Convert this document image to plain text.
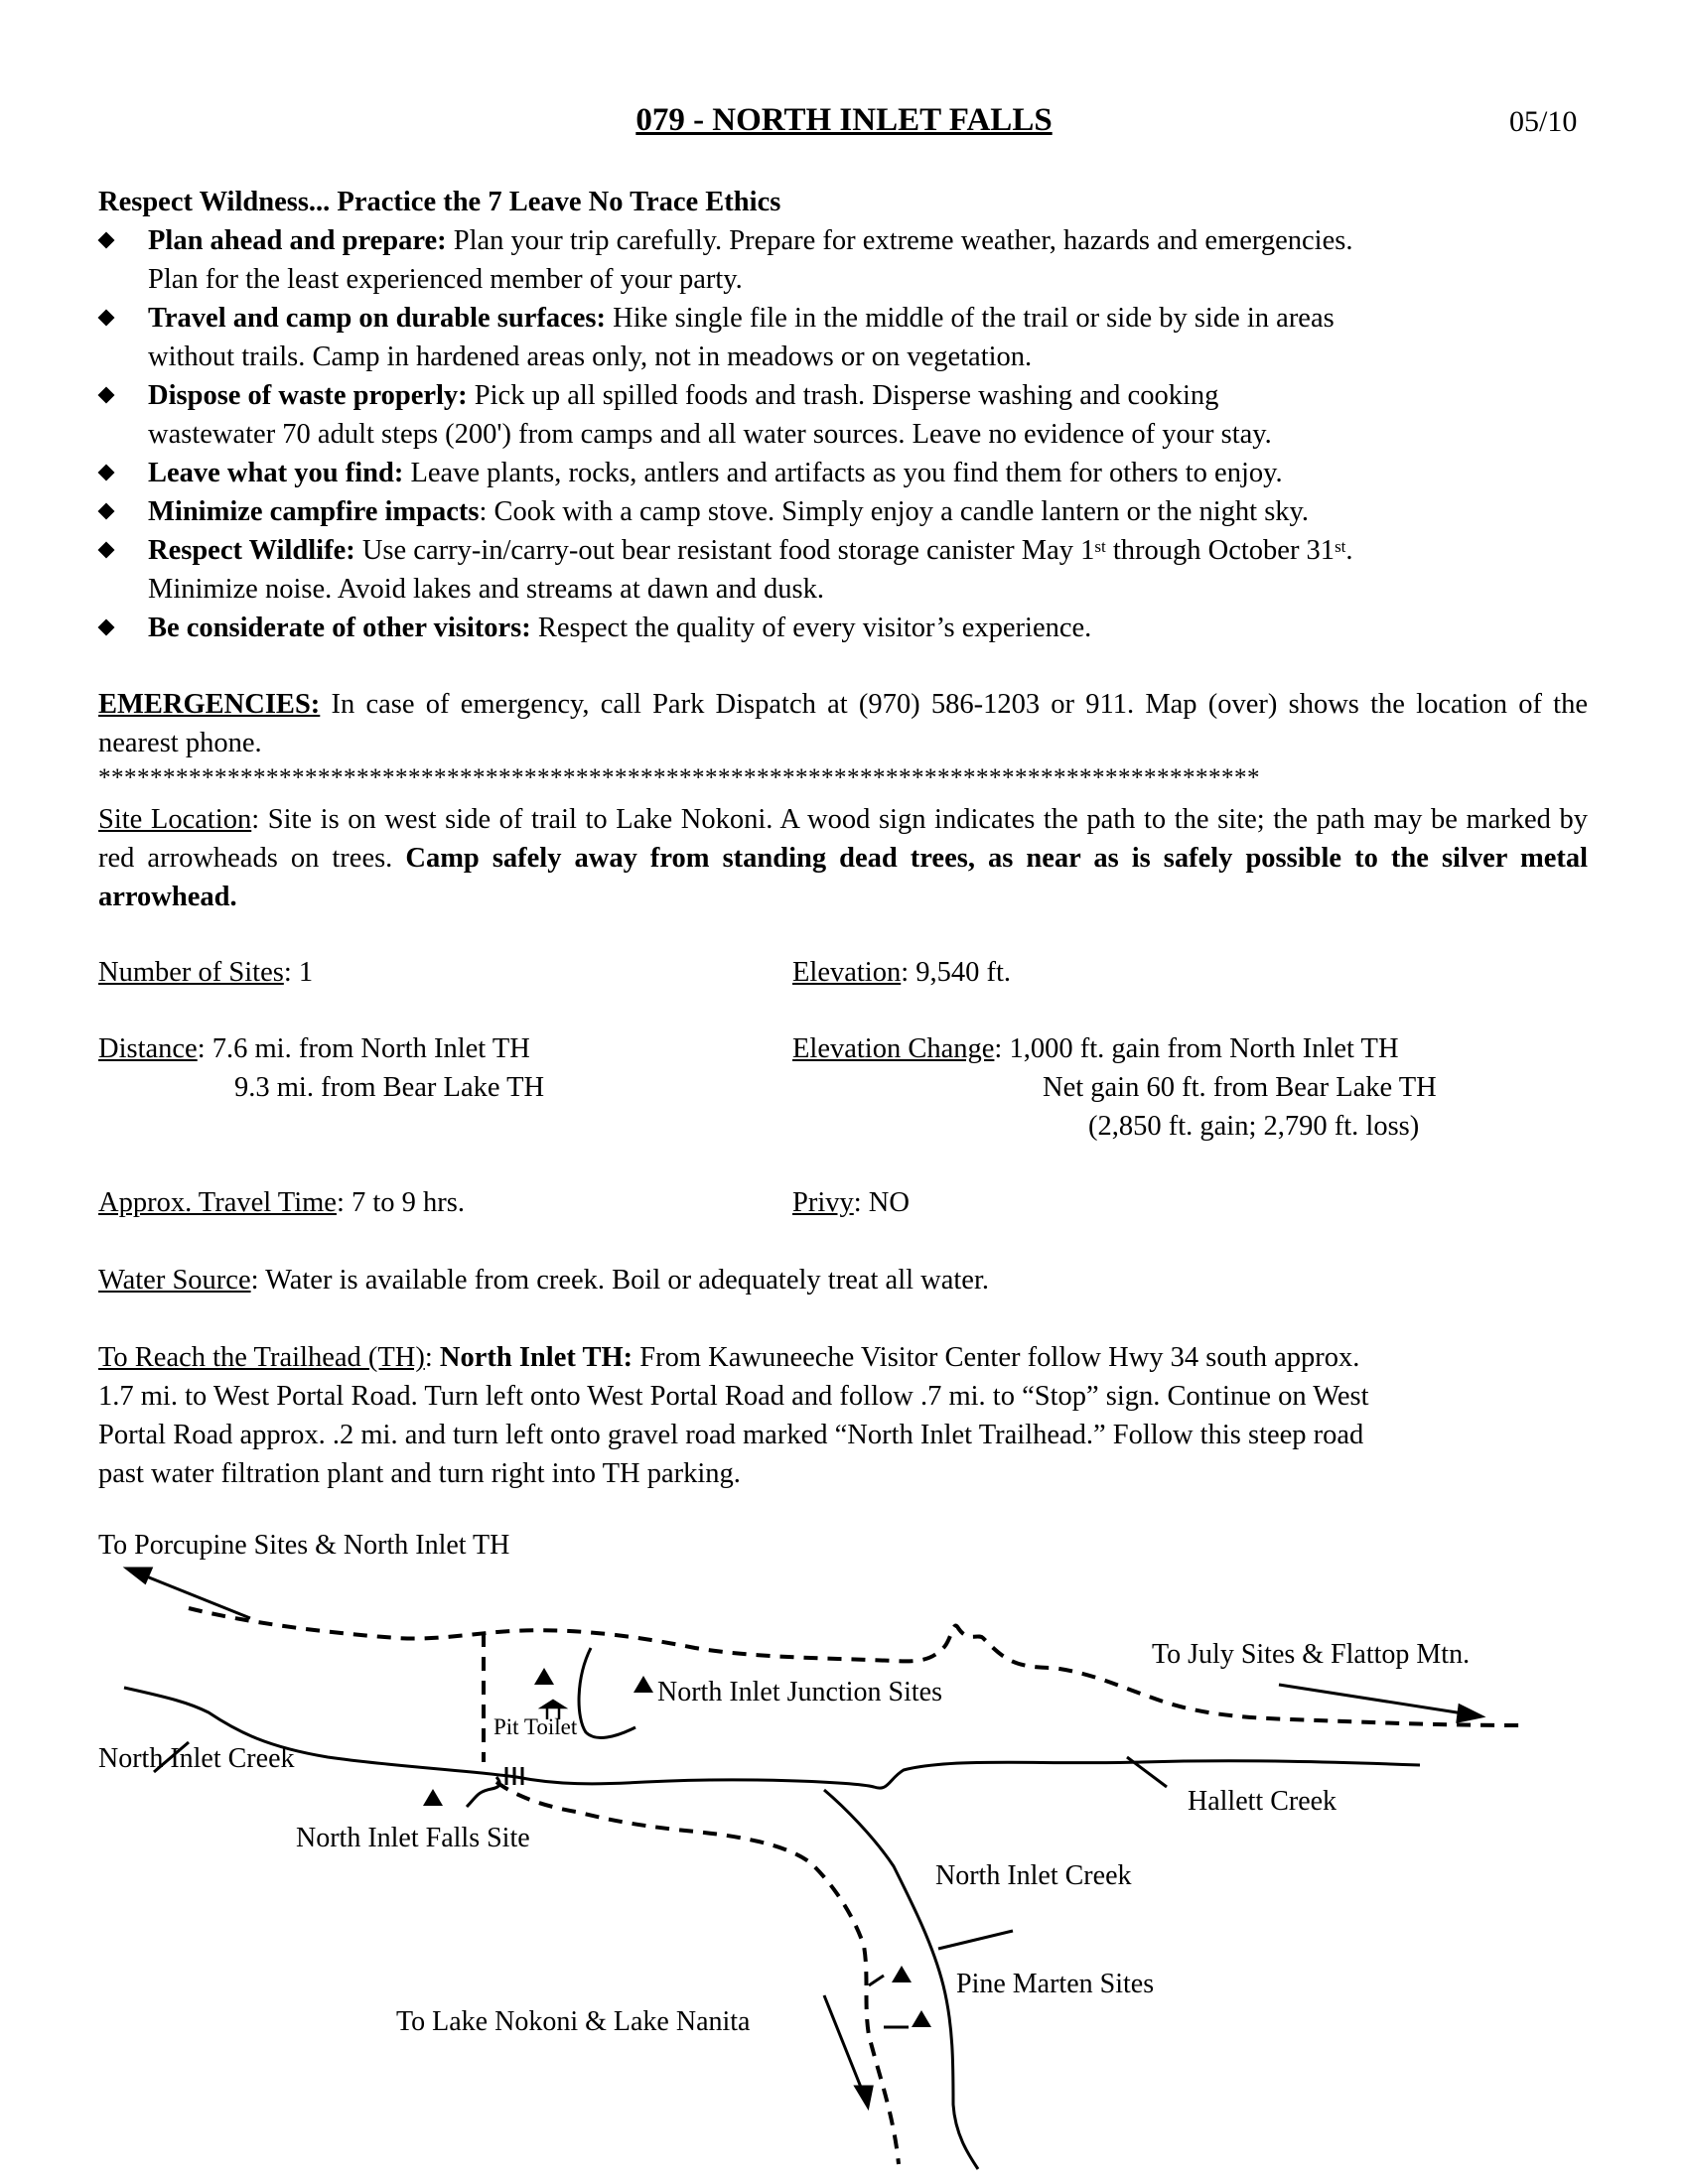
079 - NORTH INLET FALLS	05/10
Respect Wildness... Practice the 7 Leave No Trace Ethics
Plan ahead and prepare: Plan your trip carefully. Prepare for extreme weather, hazards and emergencies.
Plan for the least experienced member of your party.
Travel and camp on durable surfaces: Hike single file in the middle of the trail or side by side in areas
without trails. Camp in hardened areas only, not in meadows or on vegetation.
Dispose of waste properly: Pick up all spilled foods and trash. Disperse washing and cooking
wastewater 70 adult steps (200') from camps and all water sources. Leave no evidence of your stay.
Leave what you find: Leave plants, rocks, antlers and artifacts as you find them for others to enjoy.
Minimize campfire impacts: Cook with a camp stove. Simply enjoy a candle lantern or the night sky.
Respect Wildlife: Use carry-in/carry-out bear resistant food storage canister May 1st through October 31st.
Minimize noise. Avoid lakes and streams at dawn and dusk.
Be considerate of other visitors: Respect the quality of every visitor’s experience.
EMERGENCIES: In case of emergency, call Park Dispatch at (970) 586-1203 or 911. Map (over) shows the location of the nearest phone.
******************************************************************************************
Site Location: Site is on west side of trail to Lake Nokoni. A wood sign indicates the path to the site; the path may be marked by red arrowheads on trees. Camp safely away from standing dead trees, as near as is safely possible to the silver metal arrowhead.
Number of Sites: 1	Elevation: 9,540 ft.
Distance: 7.6 mi. from North Inlet TH
9.3 mi. from Bear Lake TH
Elevation Change: 1,000 ft. gain from North Inlet TH
Net gain 60 ft. from Bear Lake TH
(2,850 ft. gain; 2,790 ft. loss)
Approx. Travel Time: 7 to 9 hrs.	Privy: NO
Water Source: Water is available from creek. Boil or adequately treat all water.
To Reach the Trailhead (TH): North Inlet TH: From Kawuneeche Visitor Center follow Hwy 34 south approx.
1.7 mi. to West Portal Road. Turn left onto West Portal Road and follow .7 mi. to “Stop” sign. Continue on West
Portal Road approx. .2 mi. and turn left onto gravel road marked “North Inlet Trailhead.” Follow this steep road
past water filtration plant and turn right into TH parking.
To Porcupine Sites & North Inlet TH
To July Sites & Flattop Mtn.
North Inlet Junction Sites
Pit Toilet
North Inlet Creek
Hallett Creek
North Inlet Falls Site
North Inlet Creek
Pine Marten Sites
To Lake Nokoni & Lake Nanita
